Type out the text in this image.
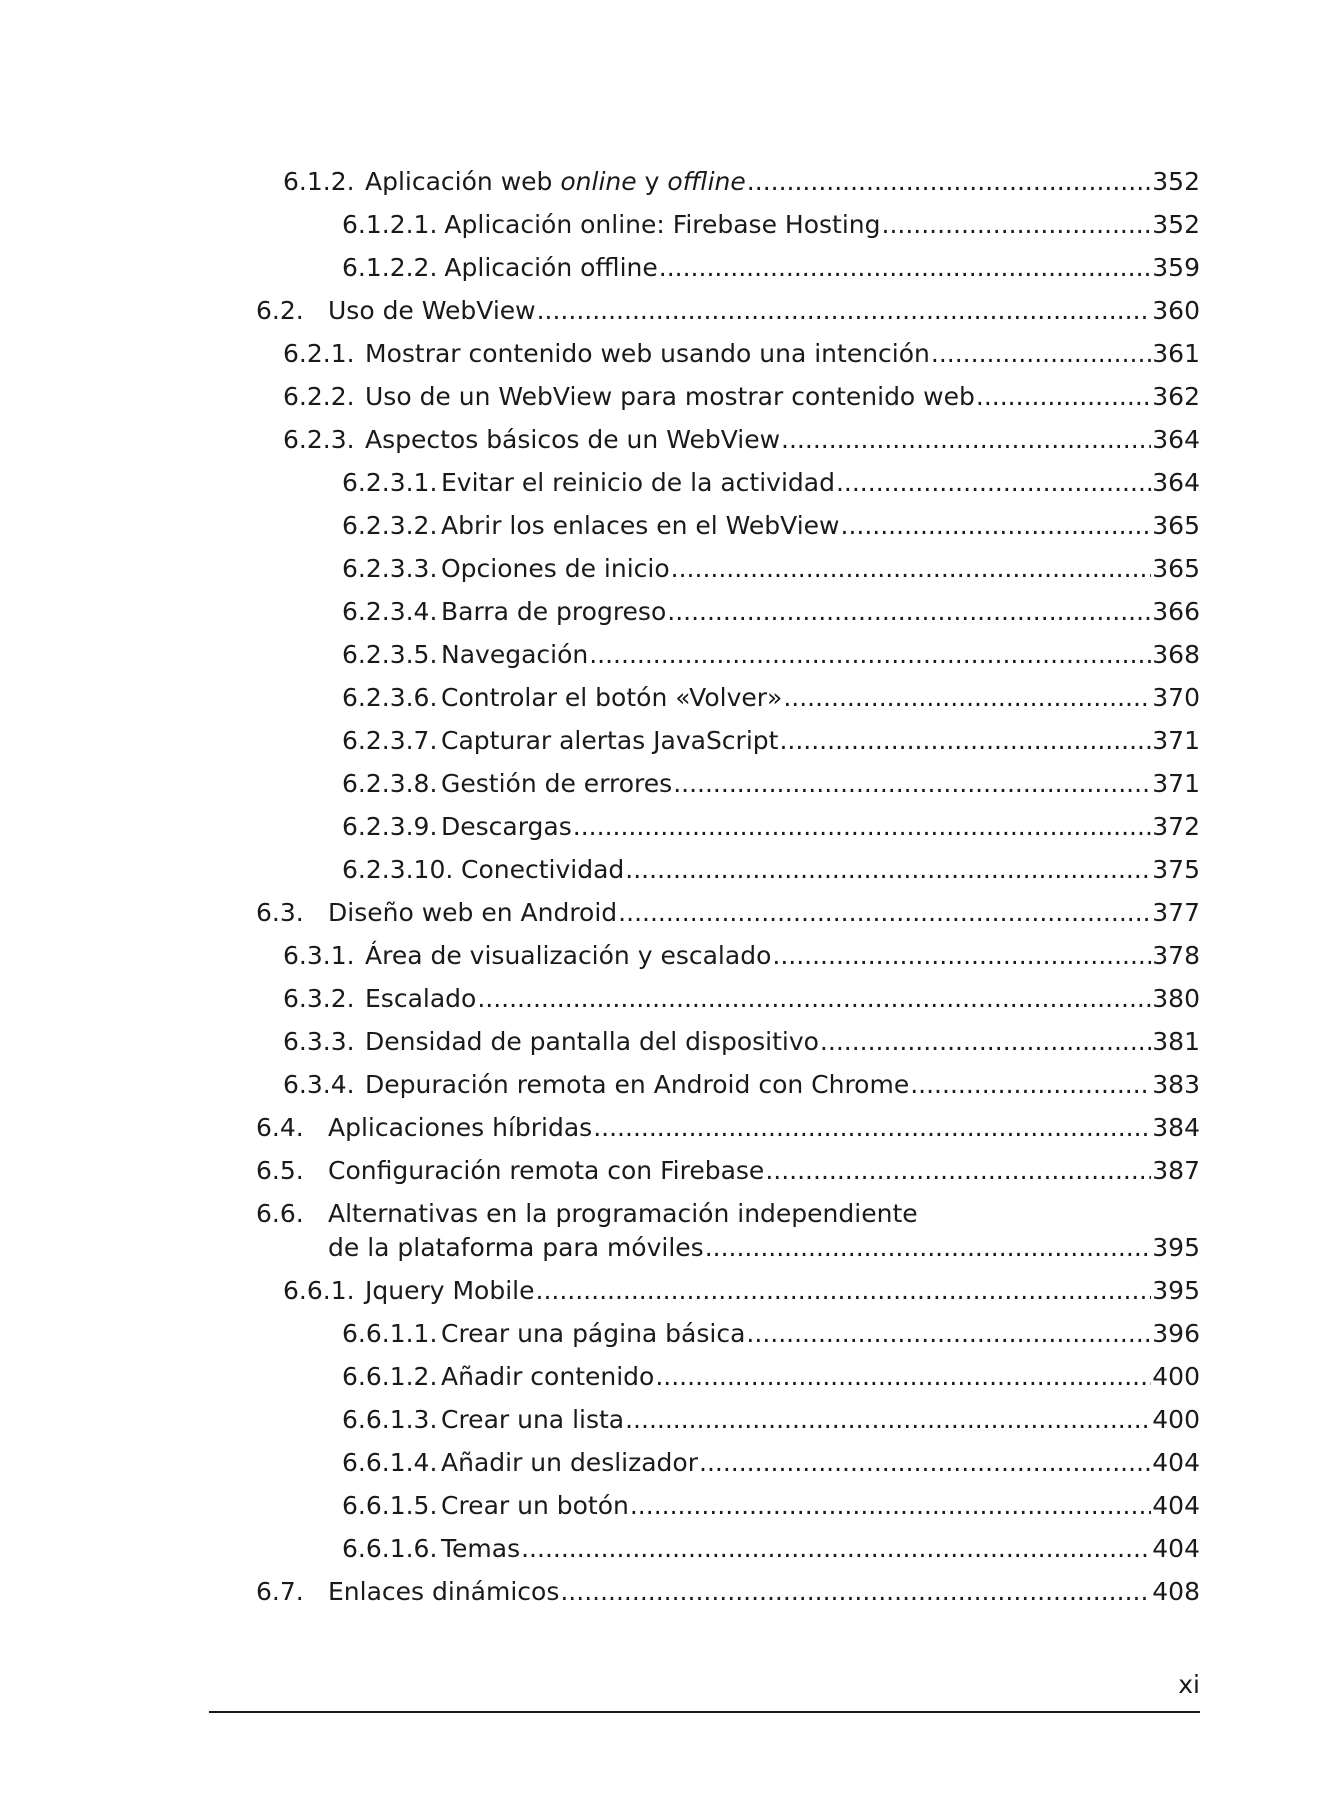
6.1.2. Aplicación web online y offline .....	352
6.1.2.1. Aplicación online: Firebase Hosting .....	352
6.1.2.2. Aplicación offline .....	359
6.2. Uso de WebView .....	360
6.2.1. Mostrar contenido web usando una intención .....	361
6.2.2. Uso de un WebView para mostrar contenido web .....	362
6.2.3. Aspectos básicos de un WebView .....	364
6.2.3.1. Evitar el reinicio de la actividad .....	364
6.2.3.2. Abrir los enlaces en el WebView .....	365
6.2.3.3. Opciones de inicio .....	365
6.2.3.4. Barra de progreso .....	366
6.2.3.5. Navegación .....	368
6.2.3.6. Controlar el botón «Volver» .....	370
6.2.3.7. Capturar alertas JavaScript .....	371
6.2.3.8. Gestión de errores .....	371
6.2.3.9. Descargas .....	372
6.2.3.10. Conectividad .....	375
6.3. Diseño web en Android .....	377
6.3.1. Área de visualización y escalado .....	378
6.3.2. Escalado .....	380
6.3.3. Densidad de pantalla del dispositivo .....	381
6.3.4. Depuración remota en Android con Chrome .....	383
6.4. Aplicaciones híbridas .....	384
6.5. Configuración remota con Firebase .....	387
6.6. Alternativas en la programación independiente
de la plataforma para móviles .....	395
6.6.1. Jquery Mobile .....	395
6.6.1.1. Crear una página básica .....	396
6.6.1.2. Añadir contenido .....	400
6.6.1.3. Crear una lista .....	400
6.6.1.4. Añadir un deslizador .....	404
6.6.1.5. Crear un botón .....	404
6.6.1.6. Temas .....	404
6.7. Enlaces dinámicos .....	408
xi
